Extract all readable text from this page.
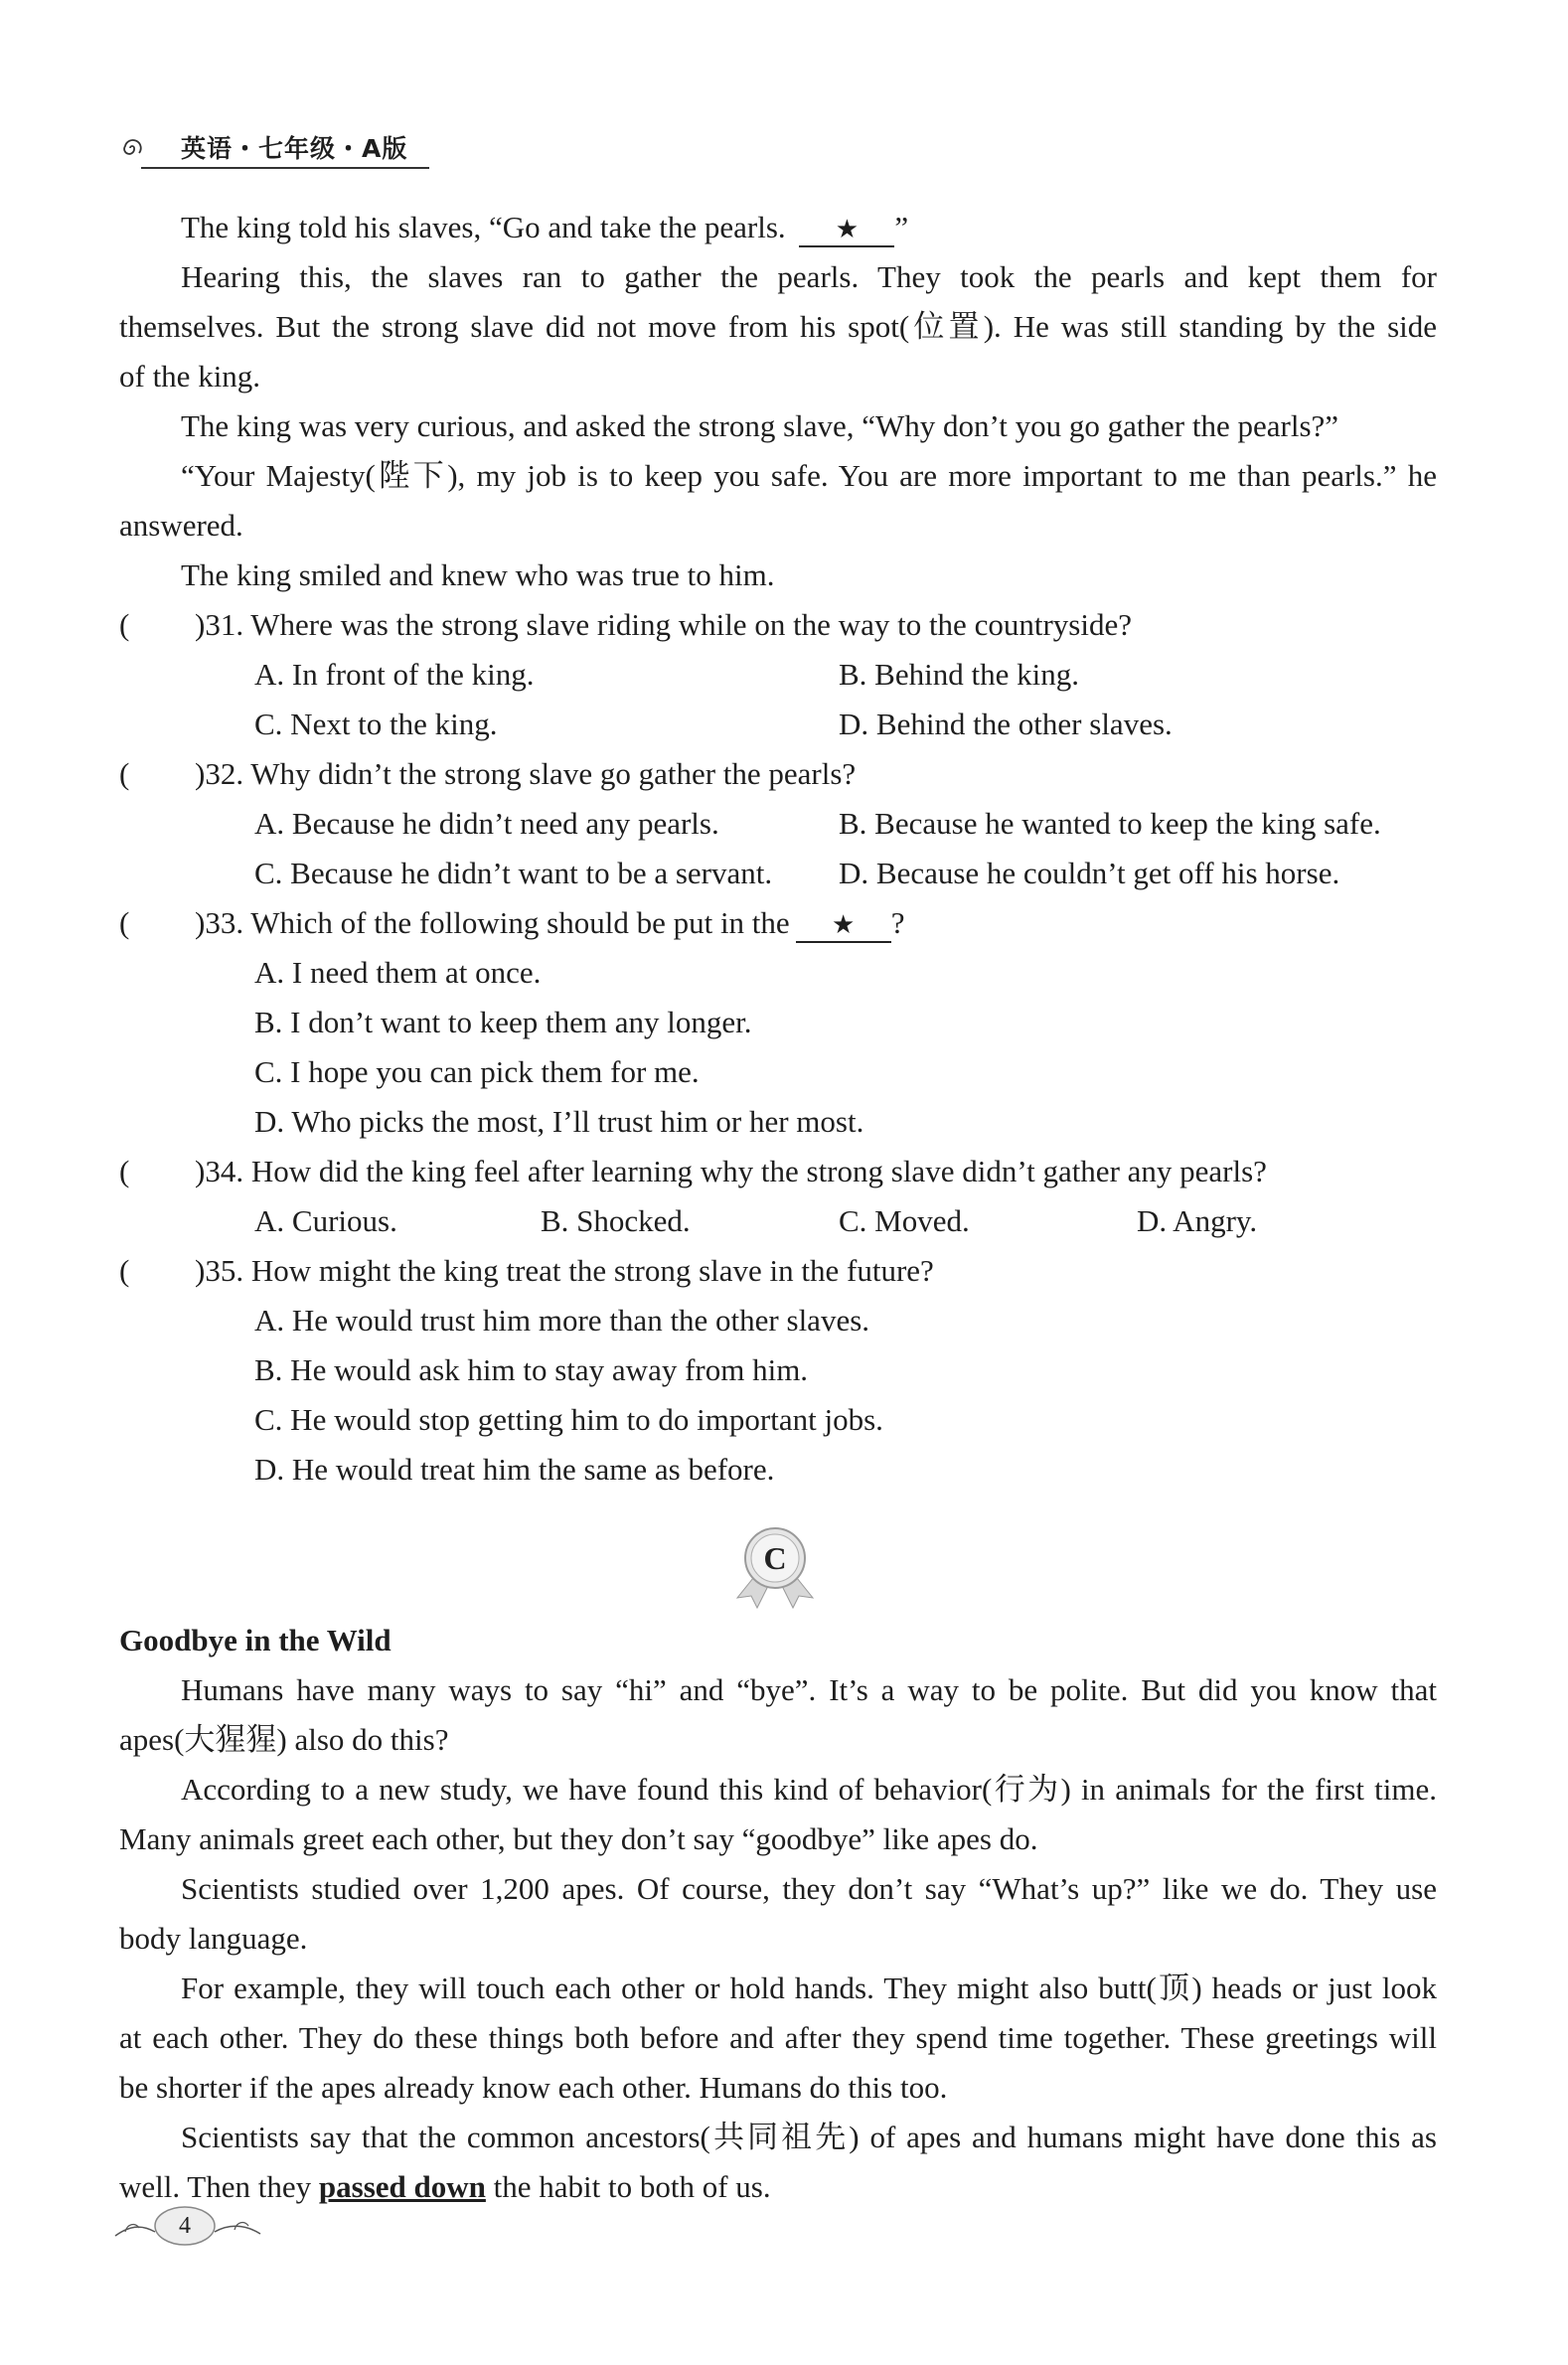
英语・七年级・A版
The king told his slaves, “Go and take the pearls. ★ ”
Hearing this, the slaves ran to gather the pearls. They took the pearls and kept them for
themselves. But the strong slave did not move from his spot(位置). He was still standing by the side
of the king.
The king was very curious, and asked the strong slave, “Why don’t you go gather the pearls?”
“Your Majesty(陛下), my job is to keep you safe. You are more important to me than pearls.” he
answered.
The king smiled and knew who was true to him.
( )31. Where was the strong slave riding while on the way to the countryside?
A. In front of the king.	B. Behind the king.
C. Next to the king.	D. Behind the other slaves.
( )32. Why didn’t the strong slave go gather the pearls?
A. Because he didn’t need any pearls.	B. Because he wanted to keep the king safe.
C. Because he didn’t want to be a servant. D. Because he couldn’t get off his horse.
( )33. Which of the following should be put in the ★ ?
A. I need them at once.
B. I don’t want to keep them any longer.
C. I hope you can pick them for me.
D. Who picks the most, I’ll trust him or her most.
( )34. How did the king feel after learning why the strong slave didn’t gather any pearls?
A. Curious.	B. Shocked.	C. Moved.	D. Angry.
( )35. How might the king treat the strong slave in the future?
A. He would trust him more than the other slaves.
B. He would ask him to stay away from him.
C. He would stop getting him to do important jobs.
D. He would treat him the same as before.
C
Goodbye in the Wild
Humans have many ways to say “hi” and “bye”. It’s a way to be polite. But did you know that
apes(大猩猩) also do this?
According to a new study, we have found this kind of behavior(行为) in animals for the first time.
Many animals greet each other, but they don’t say “goodbye” like apes do.
Scientists studied over 1,200 apes. Of course, they don’t say “What’s up?” like we do. They use
body language.
For example, they will touch each other or hold hands. They might also butt(顶) heads or just look
at each other. They do these things both before and after they spend time together. These greetings will
be shorter if the apes already know each other. Humans do this too.
Scientists say that the common ancestors(共同祖先) of apes and humans might have done this as
well. Then they passed down the habit to both of us.
4
